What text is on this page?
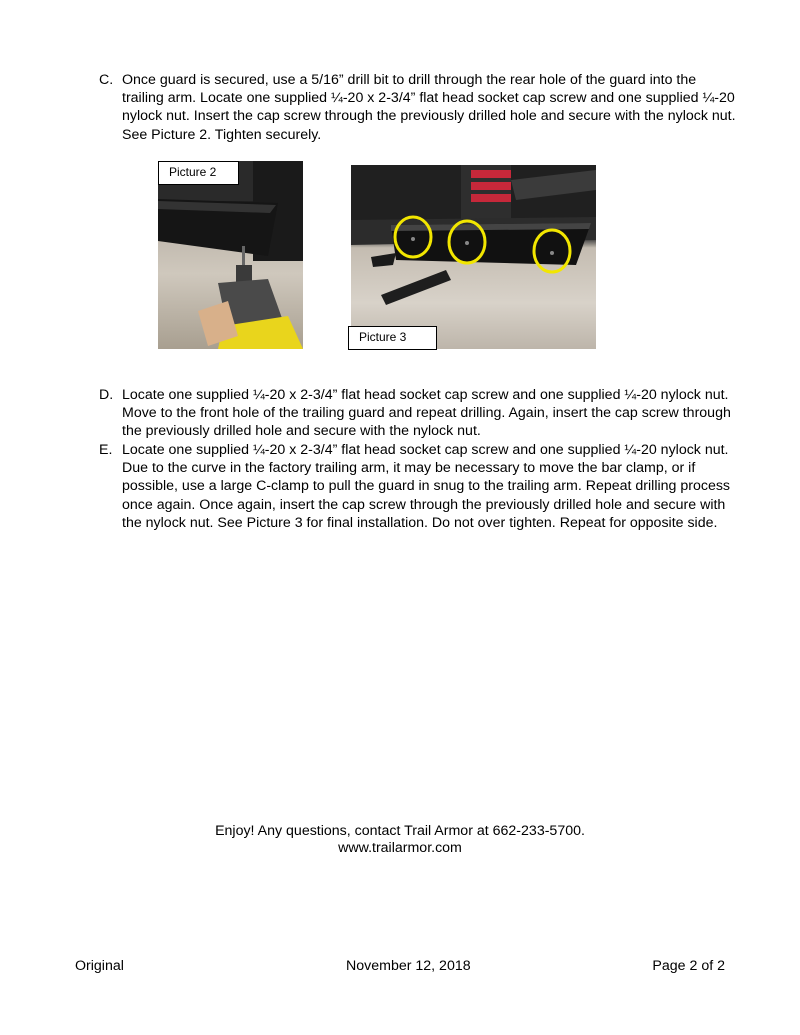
C. Once guard is secured, use a 5/16” drill bit to drill through the rear hole of the guard into the trailing arm. Locate one supplied ¼-20 x 2-3/4” flat head socket cap screw and one supplied ¼-20 nylock nut. Insert the cap screw through the previously drilled hole and secure with the nylock nut. See Picture 2. Tighten securely.
Picture 2
Picture 3
D. Locate one supplied ¼-20 x 2-3/4” flat head socket cap screw and one supplied ¼-20 nylock nut. Move to the front hole of the trailing guard and repeat drilling. Again, insert the cap screw through the previously drilled hole and secure with the nylock nut.
E. Locate one supplied ¼-20 x 2-3/4” flat head socket cap screw and one supplied ¼-20 nylock nut. Due to the curve in the factory trailing arm, it may be necessary to move the bar clamp, or if possible, use a large C-clamp to pull the guard in snug to the trailing arm. Repeat drilling process once again. Once again, insert the cap screw through the previously drilled hole and secure with the nylock nut. See Picture 3 for final installation. Do not over tighten. Repeat for opposite side.
Enjoy! Any questions, contact Trail Armor at 662-233-5700.
www.trailarmor.com
Original	November 12, 2018	Page 2 of 2
